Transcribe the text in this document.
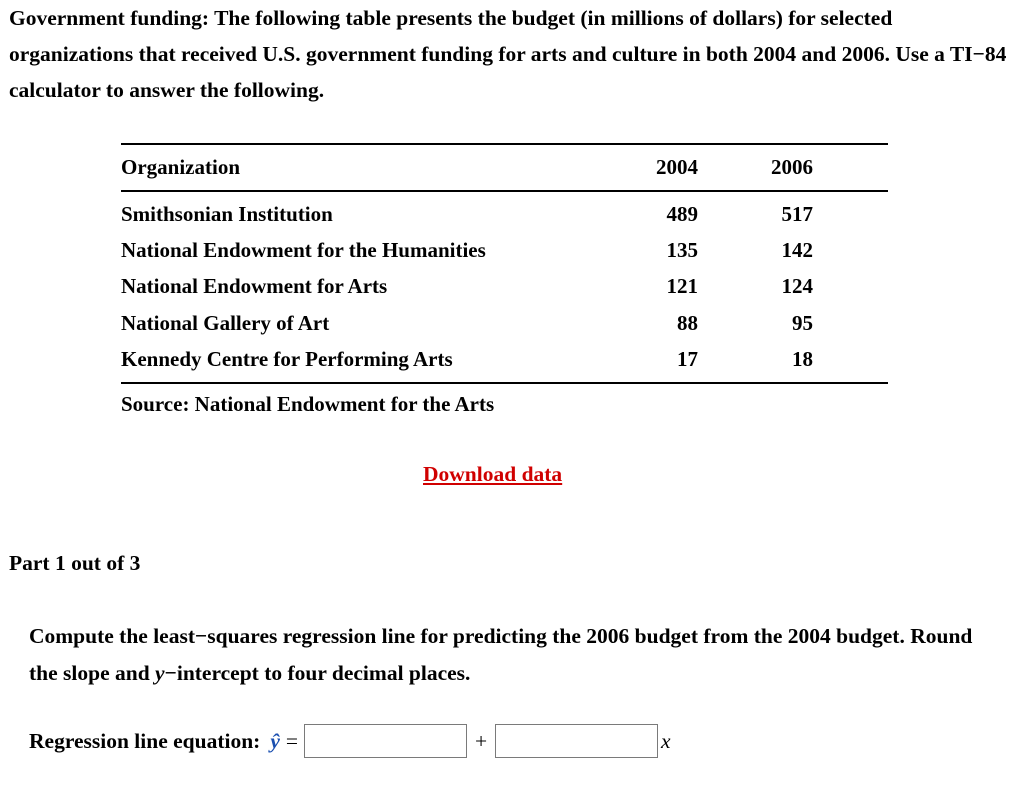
Government funding: The following table presents the budget (in millions of dollars) for selected organizations that received U.S. government funding for arts and culture in both 2004 and 2006. Use a TI−84 calculator to answer the following.

Organization	2004	2006	
Smithsonian Institution	489	517	
National Endowment for the Humanities	135	142	
National Endowment for Arts	121	124	
National Gallery of Art	88	95	
Kennedy Centre for Performing Arts	17	18	

Source: National Endowment for the Arts
Download data
Part 1 out of 3

Compute the least−squares regression line for predicting the 2006 budget from the 2004 budget. Round the slope and y−intercept to four decimal places.

Regression line equation: ŷ =	+	x
